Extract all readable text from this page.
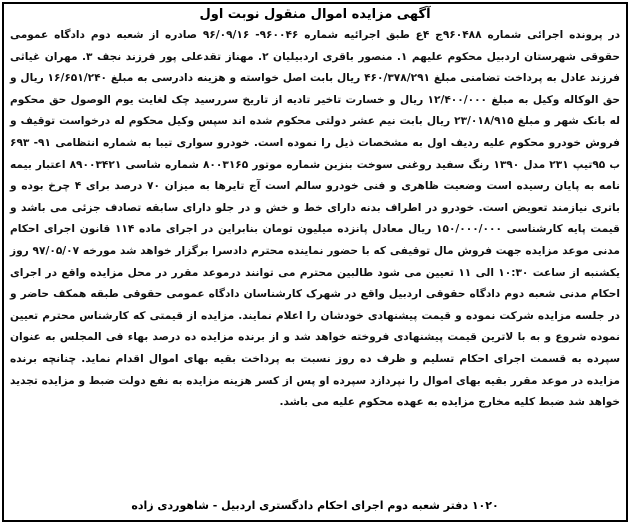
آگهی مزایده اموال منقول نوبت اول

در پرونده اجرائی شماره ۹۶۰۴۸۸ج ۴ع طبق اجرائیه شماره ۹۶۰۰۴۶- ۹۶/۰۹/۱۶ صادره از شعبه دوم دادگاه عمومی حقوقی شهرستان اردبیل محکوم علیهم ۱. منصور باقری اردبیلیان ۲. مهناز تقدعلی پور فرزند نجف ۳. مهران غیاثی فرزند عادل به پرداخت تضامنی مبلغ ۴۶۰/۳۷۸/۲۹۱ ریال بابت اصل خواسته و هزینه دادرسی به مبلغ ۱۶/۶۵۱/۲۴۰ ریال و حق الوکاله وکیل به مبلغ ۱۲/۴۰۰/۰۰۰ ریال و خسارت تاخیر تادیه از تاریخ سررسید چک لغایت یوم الوصول حق محکوم له بانک شهر و مبلغ ۲۳/۰۱۸/۹۱۵ ریال بابت نیم عشر دولتی محکوم شده اند سپس وکیل محکوم له درخواست توقیف و فروش خودرو محکوم علیه ردیف اول به مشخصات ذیل را نموده است. خودرو سواری تیبا به شماره انتظامی ۹۱- ۶۹۳ ب ۹۵تیپ ۲۳۱ مدل ۱۳۹۰ رنگ سفید روغنی سوخت بنزین شماره موتور ۸۰۰۳۱۶۵ شماره شاسی ۸۹۰۰۳۴۲۱ اعتبار بیمه نامه به پایان رسیده است وضعیت ظاهری و فنی خودرو سالم است آج تایرها به میزان ۷۰ درصد برای ۴ چرخ بوده و باتری نیازمند تعویض است. خودرو در اطراف بدنه دارای خط و خش و در جلو دارای سابقه تصادف جزئی می باشد و قیمت پایه کارشناسی ۱۵۰/۰۰۰/۰۰۰ ریال معادل پانزده میلیون تومان بنابراین در اجرای ماده ۱۱۴ قانون اجرای احکام مدنی موعد مزایده جهت فروش مال توقیفی که با حضور نماینده محترم دادسرا برگزار خواهد شد مورخه ۹۷/۰۵/۰۷ روز یکشنبه از ساعت ۱۰:۳۰ الی ۱۱ تعیین می شود طالبین محترم می توانند درموعد مقرر در محل مزایده واقع در اجرای احکام مدنی شعبه دوم دادگاه حقوقی اردبیل واقع در شهرک کارشناسان دادگاه عمومی حقوقی طبقه همکف حاضر و در جلسه مزایده شرکت نموده و قیمت پیشنهادی خودشان را اعلام نمایند. مزایده از قیمتی که کارشناس محترم تعیین نموده شروع و به با لاترین قیمت پیشنهادی فروخته خواهد شد و از برنده مزایده ده درصد بهاء فی المجلس به عنوان سپرده به قسمت اجرای احکام تسلیم و ظرف ده روز نسبت به پرداخت بقیه بهای اموال اقدام نماید. چنانچه برنده مزایده در موعد مقرر بقیه بهای اموال را نپردازد سپرده او پس از کسر هزینه مزایده به نفع دولت ضبط و مزایده تجدید خواهد شد ضبط کلیه مخارج مزایده به عهده محکوم علیه می باشد.

۱۰۲۰ دفتر شعبه دوم اجرای احکام دادگستری اردبیل - شاهوردی زاده
